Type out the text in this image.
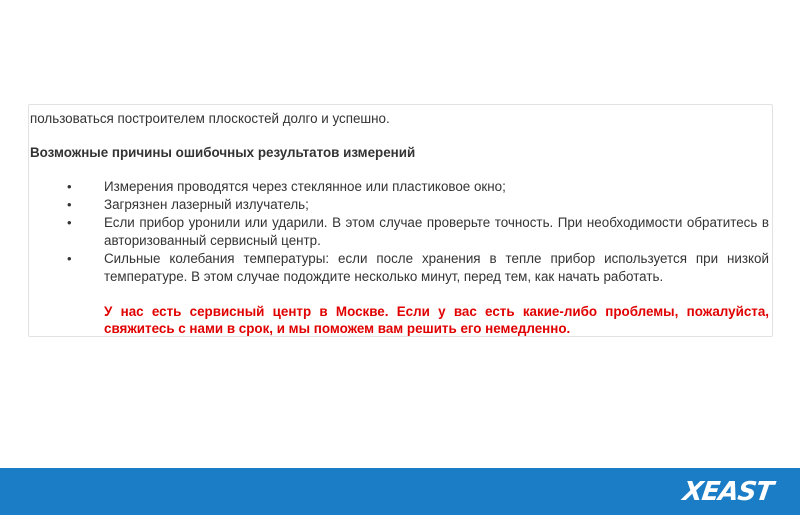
пользоваться построителем плоскостей долго и успешно.
Возможные причины ошибочных результатов измерений
• Измерения проводятся через стеклянное или пластиковое окно;
• Загрязнен лазерный излучатель;
• Если прибор уронили или ударили. В этом случае проверьте точность. При необходимости обратитесь в авторизованный сервисный центр.
• Сильные колебания температуры: если после хранения в тепле прибор используется при низкой температуре. В этом случае подождите несколько минут, перед тем, как начать работать.
У нас есть сервисный центр в Москве. Если у вас есть какие-либо проблемы, пожалуйста, свяжитесь с нами в срок, и мы поможем вам решить его немедленно.
XEAST
